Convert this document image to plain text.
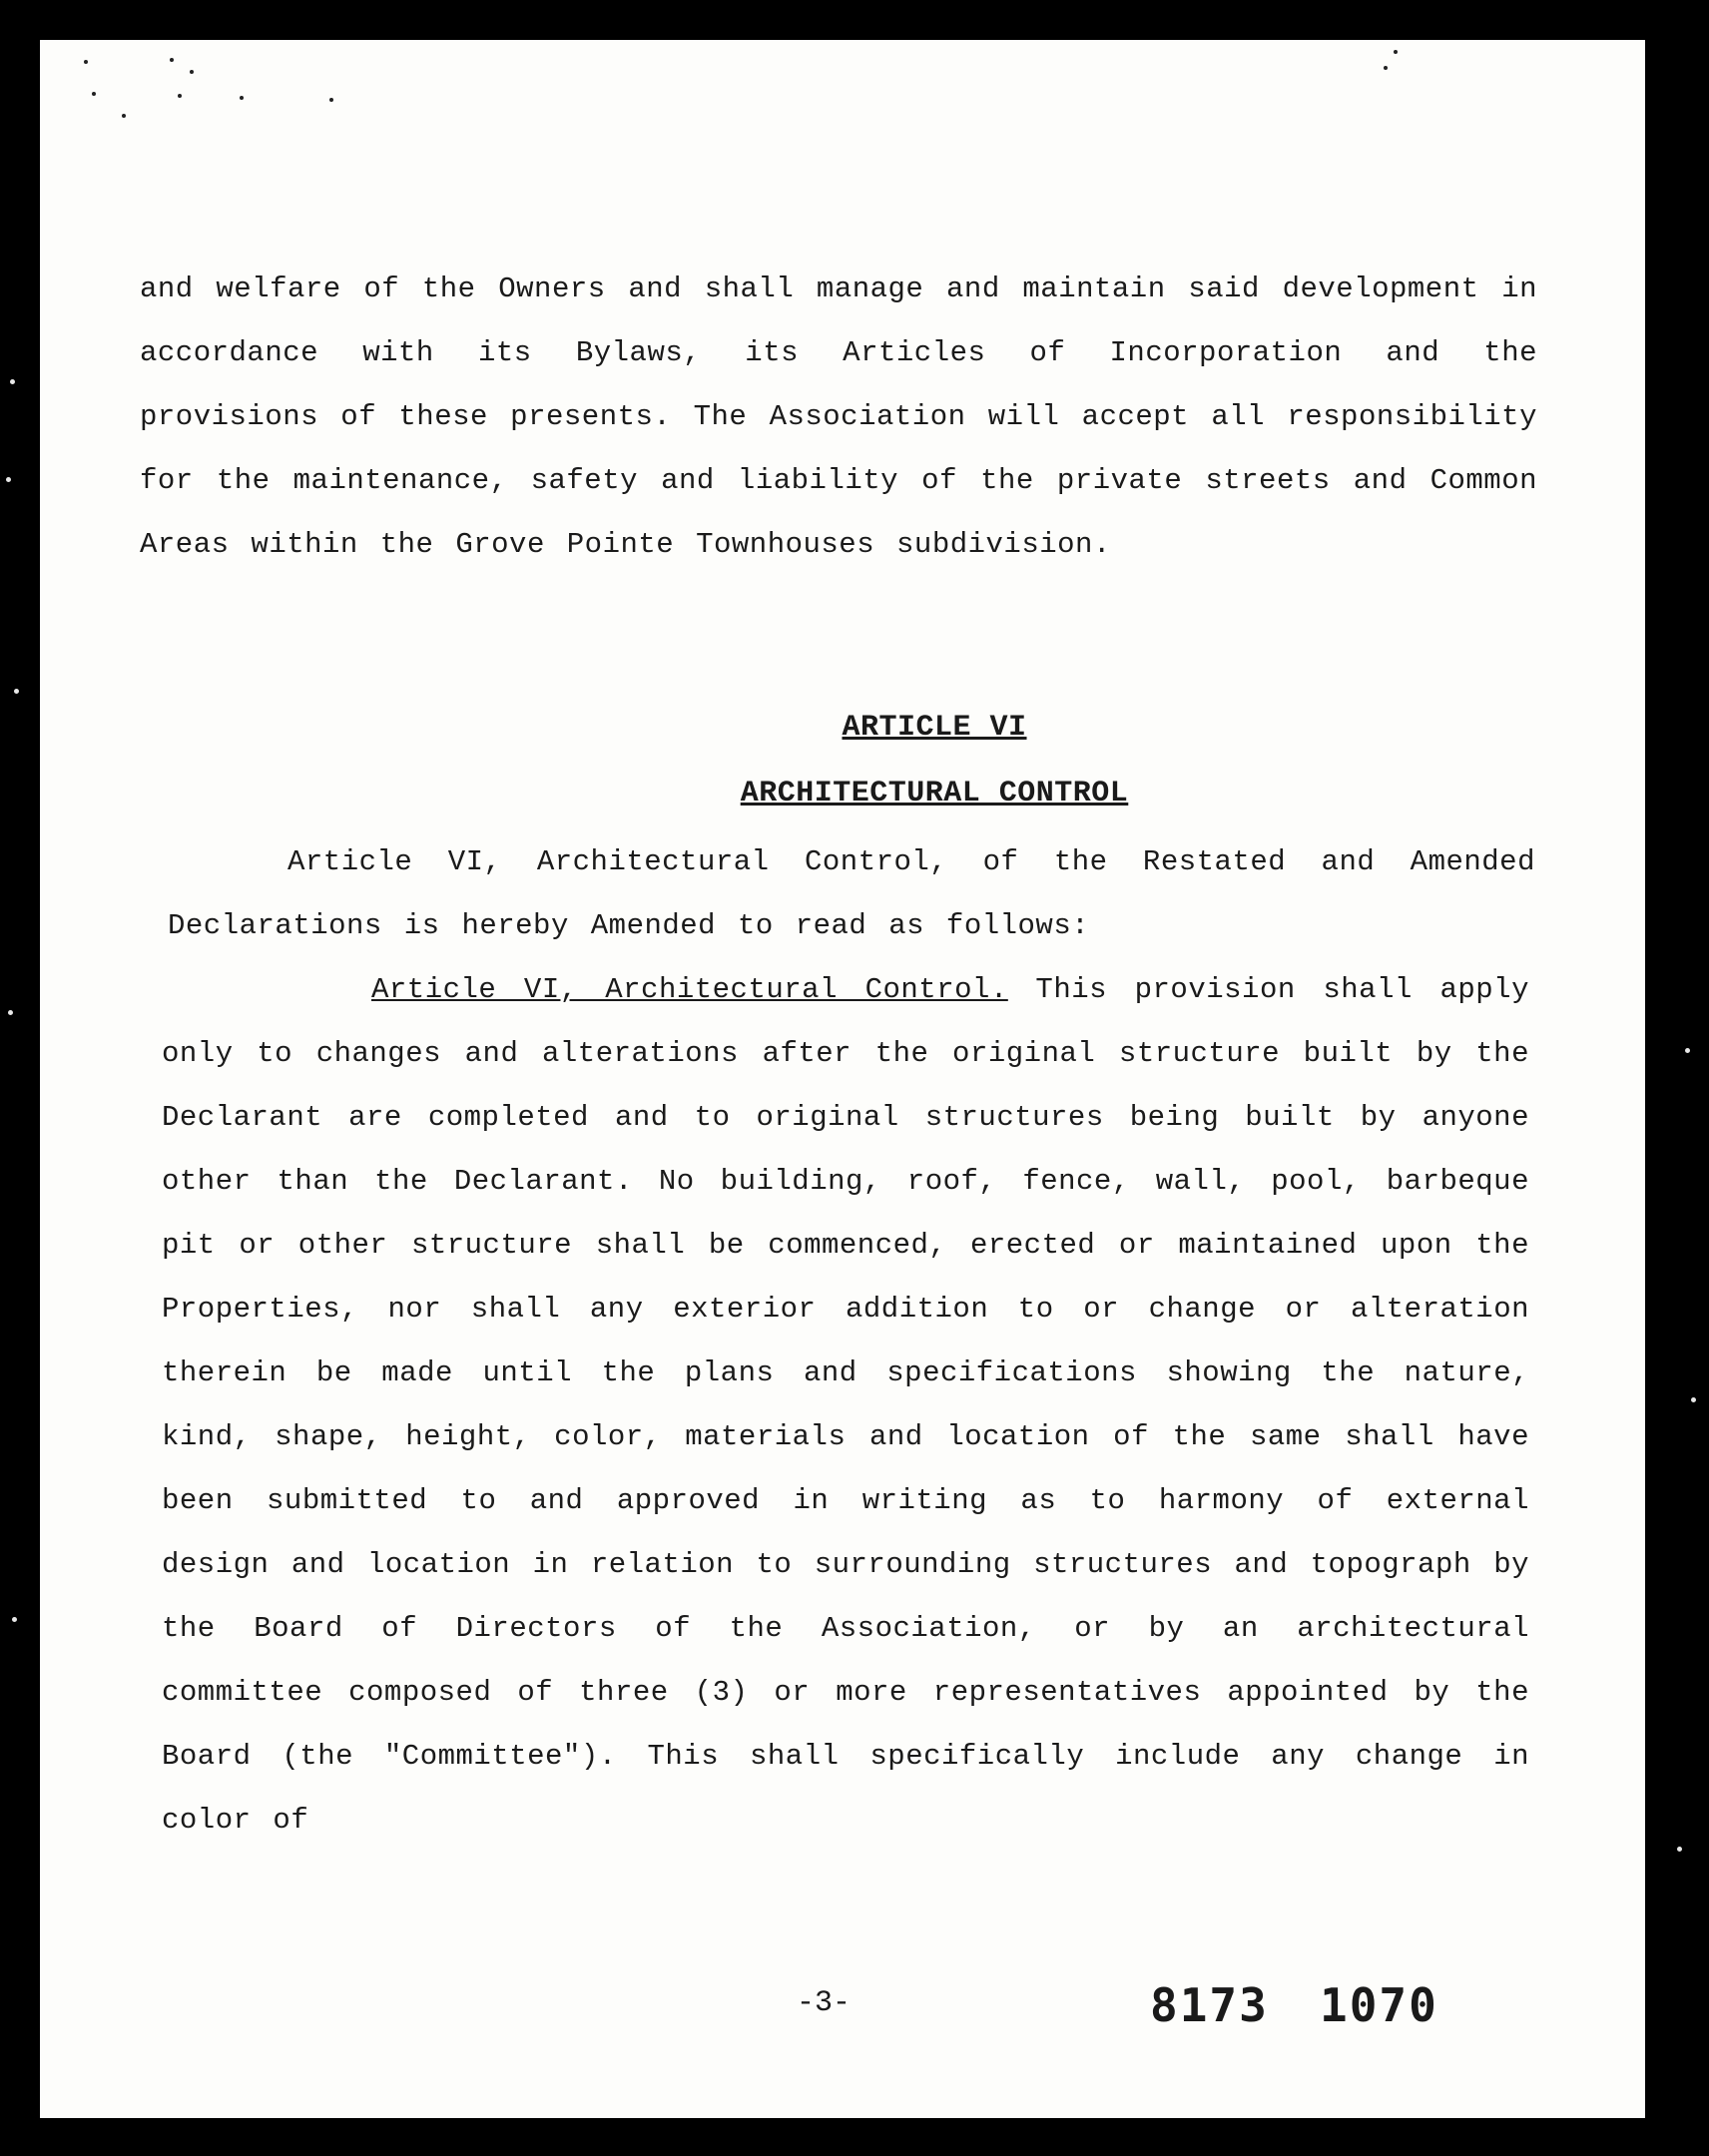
and welfare of the Owners and shall manage and maintain said development in accordance with its Bylaws, its Articles of Incorporation and the provisions of these presents. The Association will accept all responsibility for the maintenance, safety and liability of the private streets and Common Areas within the Grove Pointe Townhouses subdivision.
ARTICLE VI
ARCHITECTURAL CONTROL
Article VI, Architectural Control, of the Restated and Amended Declarations is hereby Amended to read as follows:
Article VI, Architectural Control. This provision shall apply only to changes and alterations after the original structure built by the Declarant are completed and to original structures being built by anyone other than the Declarant. No building, roof, fence, wall, pool, barbeque pit or other structure shall be commenced, erected or maintained upon the Properties, nor shall any exterior addition to or change or alteration therein be made until the plans and specifications showing the nature, kind, shape, height, color, materials and location of the same shall have been submitted to and approved in writing as to harmony of external design and location in relation to surrounding structures and topograph by the Board of Directors of the Association, or by an architectural committee composed of three (3) or more representatives appointed by the Board (the "Committee"). This shall specifically include any change in color of
-3-	8173 1070
